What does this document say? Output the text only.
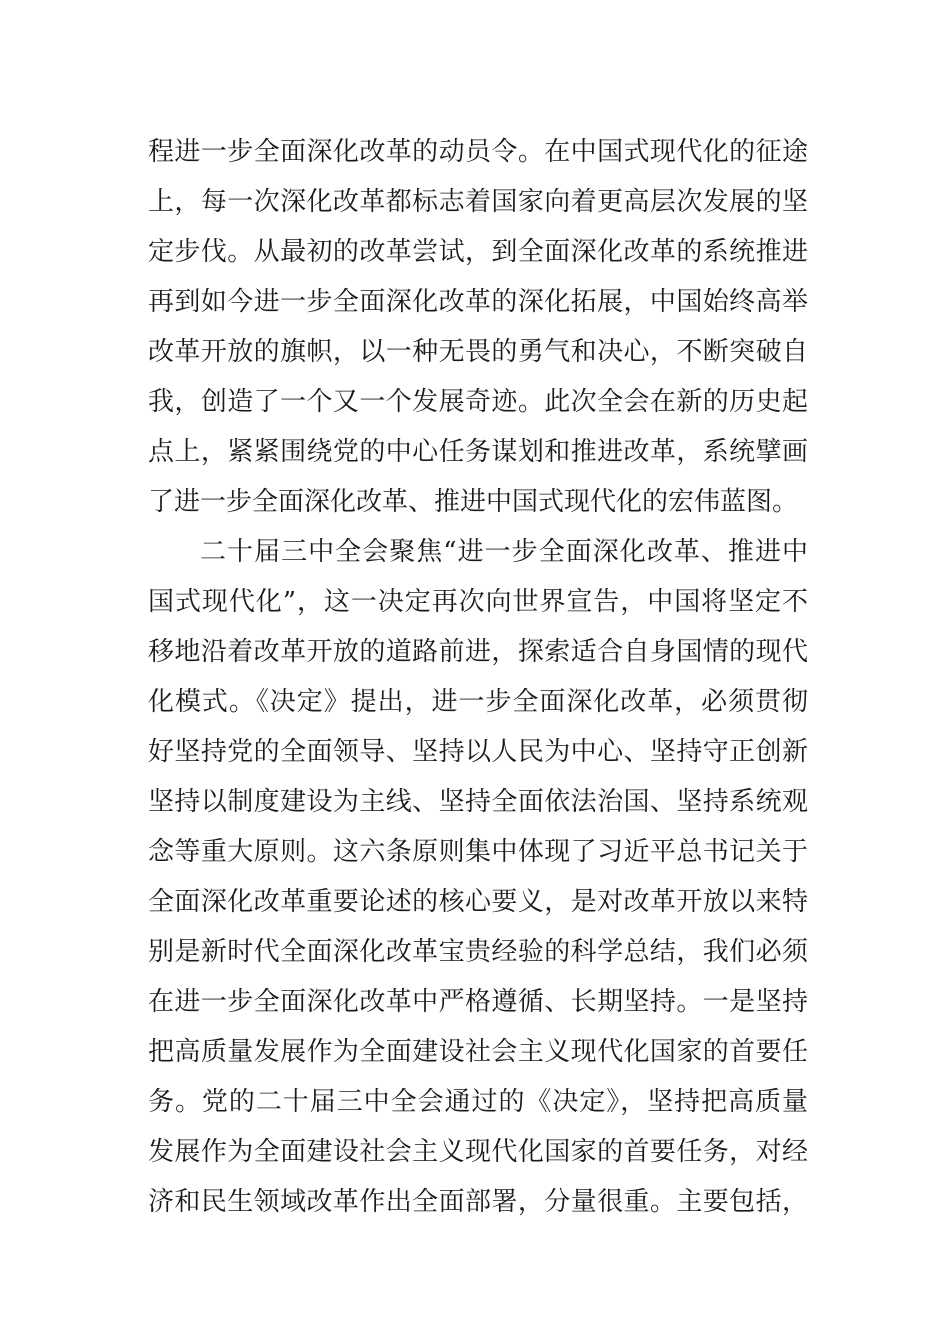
程进一步全面深化改革的动员令。在中国式现代化的征途
上，每一次深化改革都标志着国家向着更高层次发展的坚
定步伐。从最初的改革尝试，到全面深化改革的系统推进
再到如今进一步全面深化改革的深化拓展，中国始终高举
改革开放的旗帜，以一种无畏的勇气和决心，不断突破自
我，创造了一个又一个发展奇迹。此次全会在新的历史起
点上，紧紧围绕党的中心任务谋划和推进改革，系统擘画
了进一步全面深化改革、推进中国式现代化的宏伟蓝图。
二十届三中全会聚焦“进一步全面深化改革、推进中
国式现代化”，这一决定再次向世界宣告，中国将坚定不
移地沿着改革开放的道路前进，探索适合自身国情的现代
化模式。《决定》提出，进一步全面深化改革，必须贯彻
好坚持党的全面领导、坚持以人民为中心、坚持守正创新
坚持以制度建设为主线、坚持全面依法治国、坚持系统观
念等重大原则。这六条原则集中体现了习近平总书记关于
全面深化改革重要论述的核心要义，是对改革开放以来特
别是新时代全面深化改革宝贵经验的科学总结，我们必须
在进一步全面深化改革中严格遵循、长期坚持。一是坚持
把高质量发展作为全面建设社会主义现代化国家的首要任
务。党的二十届三中全会通过的《决定》，坚持把高质量
发展作为全面建设社会主义现代化国家的首要任务，对经
济和民生领域改革作出全面部署，分量很重。主要包括，
